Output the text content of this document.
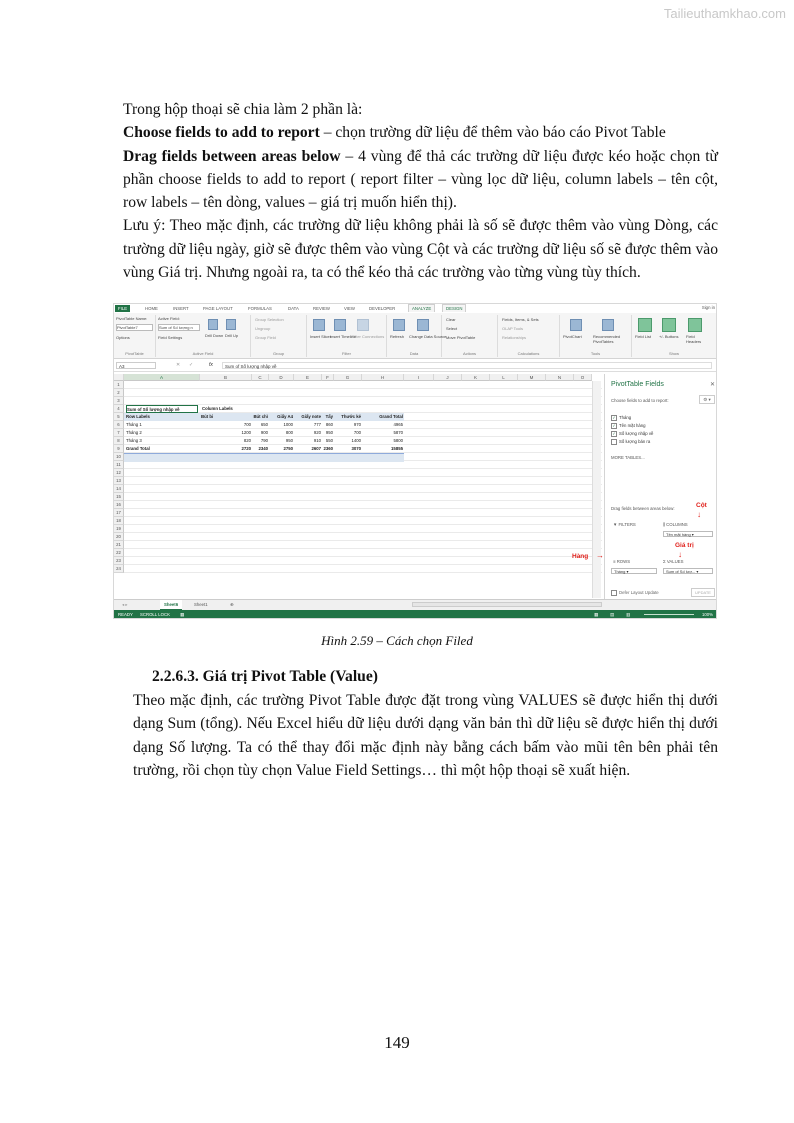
Tailieuthamkhao.com

Trong hộp thoại sẽ chia làm 2 phần là:

Choose fields to add to report – chọn trường dữ liệu để thêm vào báo cáo Pivot Table

Drag fields between areas below – 4 vùng để thả các trường dữ liệu được kéo hoặc chọn từ phần choose fields to add to report ( report filter – vùng lọc dữ liệu, column labels – tên cột, row labels – tên dòng, values – giá trị muốn hiển thị).

Lưu ý: Theo mặc định, các trường dữ liệu không phải là số sẽ được thêm vào vùng Dòng, các trường dữ liệu ngày, giờ sẽ được thêm vào vùng Cột và các trường dữ liệu số sẽ được thêm vào vùng Giá trị. Nhưng ngoài ra, ta có thể kéo thả các trường vào từng vùng tùy thích.

FILE	HOME	INSERT	PAGE LAYOUT	FORMULAS	DATA	REVIEW	VIEW	DEVELOPER	ANALYZE	DESIGN	Sign in
PivotTable Name:
PivotTable7
Options
PivotTable
Active Field:
Sum of Số lượng n
Field Settings	Drill Down Drill Up
Active Field
Group Selection
Ungroup
Group Field
Group
Insert Slicer
Insert Timeline
Filter Connections
Filter
Refresh Change Data Source
Data
Clear
Select
Move PivotTable
Actions
Fields, Items, & Sets
OLAP Tools
Relationships
Calculations
PivotChart	Recommended PivotTables
Tools
Field List	+/- Buttons	Field Headers
Show
A3	✕ ✓	fx	Sum of Số lượng nhập về
A	B	C	D	E	F	G	H	I	J	K	L	M	N	O
1
2
3
4
5
6
7
8
9
10
11
12
13
14
15
16
17
18
19
20
21
22
23
24
Sum of Số lượng nhập về	Column Labels
Row Labels	Bút bi	Bút chì	Giấy A4	Giấy note	Tẩy	Thước kẻ	Grand Total
Tháng 1	700	650	1000	777	860	970	4965
Tháng 2	1200	900	800	920	950	700	5870
Tháng 3	820	790	950	910	550	1400	5800
Grand Total	2720	2340	2750	2607 2360	3070	15855
PivotTable Fields	✕
Choose fields to add to report:	⚙ ▾
✓ Tháng
✓ Tên mặt hàng
✓ Số lượng nhập về
Số lượng bán ra
MORE TABLES...
Drag fields between areas below:
▼ FILTERS	⫼ COLUMNS
Tên mặt hàng ▾
≡ ROWS	Σ VALUES
Tháng ▾	Sum of Số lượ... ▾
Defer Layout Update	UPDATE
Cột
↓
Giá trị
↓
Hàng →
◂ ▸	Sheet6	Sheet1	⊕
READY SCROLL LOCK ▦	▦	▤	▥	100%
Hình 2.59 – Cách chọn Filed
2.2.6.3. Giá trị Pivot Table (Value)
Theo mặc định, các trường Pivot Table được đặt trong vùng VALUES sẽ được hiển thị dưới dạng Sum (tổng). Nếu Excel hiểu dữ liệu dưới dạng văn bản thì dữ liệu sẽ được hiển thị dưới dạng Số lượng. Ta có thể thay đổi mặc định này bằng cách bấm vào mũi tên bên phải tên trường, rồi chọn tùy chọn Value Field Settings… thì một hộp thoại sẽ xuất hiện.
149
